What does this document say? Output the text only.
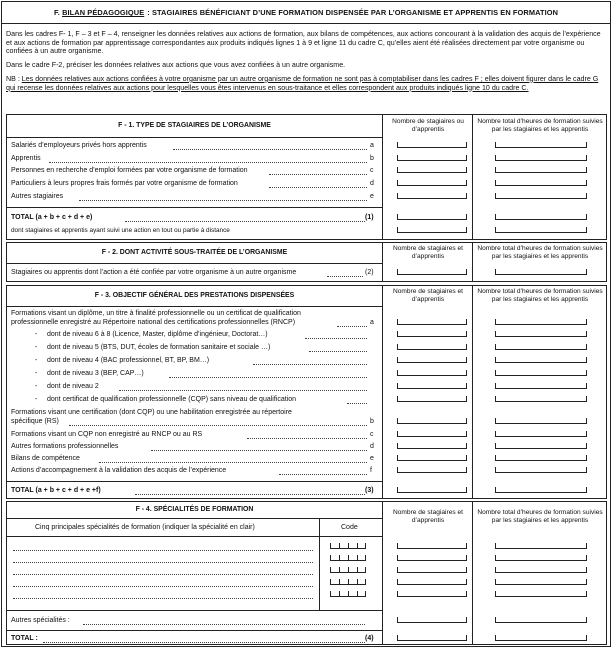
F.
BILAN PÉDAGOGIQUE : STAGIAIRES BÉNÉFICIANT D’UNE FORMATION DISPENSÉE PAR L’ORGANISME ET APPRENTIS EN FORMATION

Dans les cadres F- 1, F – 3 et F – 4, renseigner les données relatives aux actions de formation, aux bilans de compétences, aux actions concourant à la validation des acquis de l’expérience et aux actions de formation par apprentissage correspondantes aux produits indiqués lignes 1 à 9 et ligne 11 du cadre C, qu’elles aient été réalisées directement par votre organisme ou confiées à un autre organisme.

Dans le cadre F-2, préciser les données relatives aux actions que vous avez confiées à un autre organisme.

NB : Les données relatives aux actions confiées à votre organisme par un autre organisme de formation ne sont pas à comptabiliser dans les cadres F ; elles doivent figurer dans le cadre G qui recense les données relatives aux actions pour lesquelles vous êtes intervenus en sous-traitance et elles correspondent aux produits indiqués ligne 10 du cadre C.

F - 1. TYPE DE STAGIAIRES DE L’ORGANISME
Nombre de stagiaires ou d’apprentis
Nombre total d’heures de formation suivies par les stagiaires et les apprentis
Salariés d’employeurs privés hors apprentis	a
Apprentis	b
Personnes en recherche d’emploi formées par votre organisme de formation	c
Particuliers à leurs propres frais formés par votre organisme de formation	d
Autres stagiaires	e
TOTAL (a + b + c + d + e)	(1)
dont stagiaires et apprentis ayant suivi une action en tout ou partie à distance
F - 2. DONT ACTIVITÉ SOUS-TRAITÉE DE L’ORGANISME
Nombre de stagiaires et d’apprentis
Nombre total d’heures de formation suivies par les stagiaires et les apprentis
Stagiaires ou apprentis dont l’action a été confiée par votre organisme à un autre organisme	(2)
F - 3. OBJECTIF GÉNÉRAL DES PRESTATIONS DISPENSÉES
Nombre de stagiaires et d’apprentis
Nombre total d’heures de formation suivies par les stagiaires et les apprentis
Formations visant un diplôme, un titre à finalité professionnelle ou un certificat de qualification
professionnelle enregistré au Répertoire national des certifications professionnelles (RNCP)	a
- dont de niveau 6 à 8 (Licence, Master, diplôme d’ingénieur, Doctorat…)
- dont de niveau 5 (BTS, DUT, écoles de formation sanitaire et sociale …)
- dont de niveau 4 (BAC professionnel, BT, BP, BM…)
- dont de niveau 3 (BEP, CAP…)
- dont de niveau 2
- dont certificat de qualification professionnelle (CQP) sans niveau de qualification
Formations visant une certification (dont CQP) ou une habilitation enregistrée au répertoire
spécifique (RS)	b
Formations visant un CQP non enregistré au RNCP ou au RS	c
Autres formations professionnelles	d
Bilans de compétence	e
Actions d’accompagnement à la validation des acquis de l’expérience	f
TOTAL (a + b + c + d + e +f)	(3)
F - 4. SPÉCIALITÉS DE FORMATION	Nombre de stagiaires et d’apprentis
Nombre total d’heures de formation suivies par les stagiaires et les apprentis
Cinq principales spécialités de formation (indiquer la spécialité en clair)	Code
Autres spécialités :
TOTAL :	(4)
